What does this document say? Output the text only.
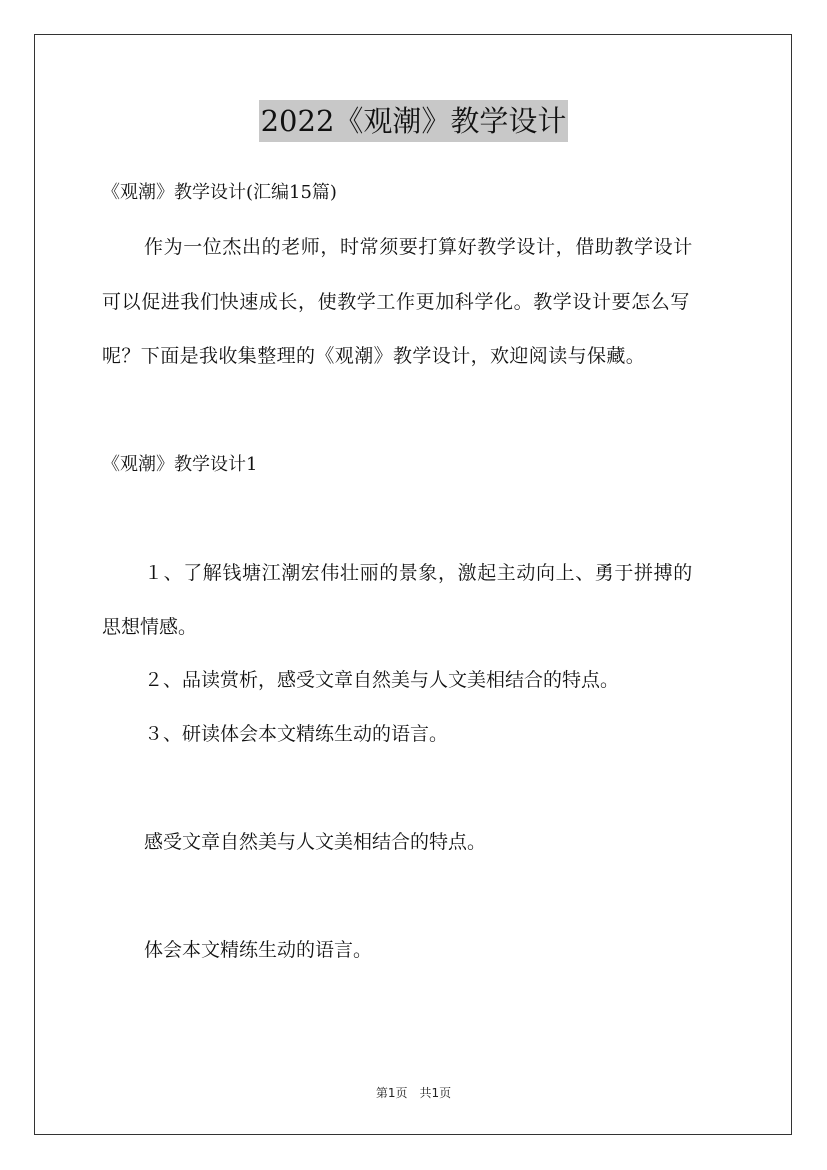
2022《观潮》教学设计
《观潮》教学设计(汇编15篇)
作为一位杰出的老师，时常须要打算好教学设计，借助教学设计
可以促进我们快速成长，使教学工作更加科学化。教学设计要怎么写
呢？下面是我收集整理的《观潮》教学设计，欢迎阅读与保藏。
《观潮》教学设计1
１、了解钱塘江潮宏伟壮丽的景象，激起主动向上、勇于拼搏的
思想情感。
２、品读赏析，感受文章自然美与人文美相结合的特点。
３、研读体会本文精练生动的语言。
感受文章自然美与人文美相结合的特点。
体会本文精练生动的语言。
第1页　共1页
